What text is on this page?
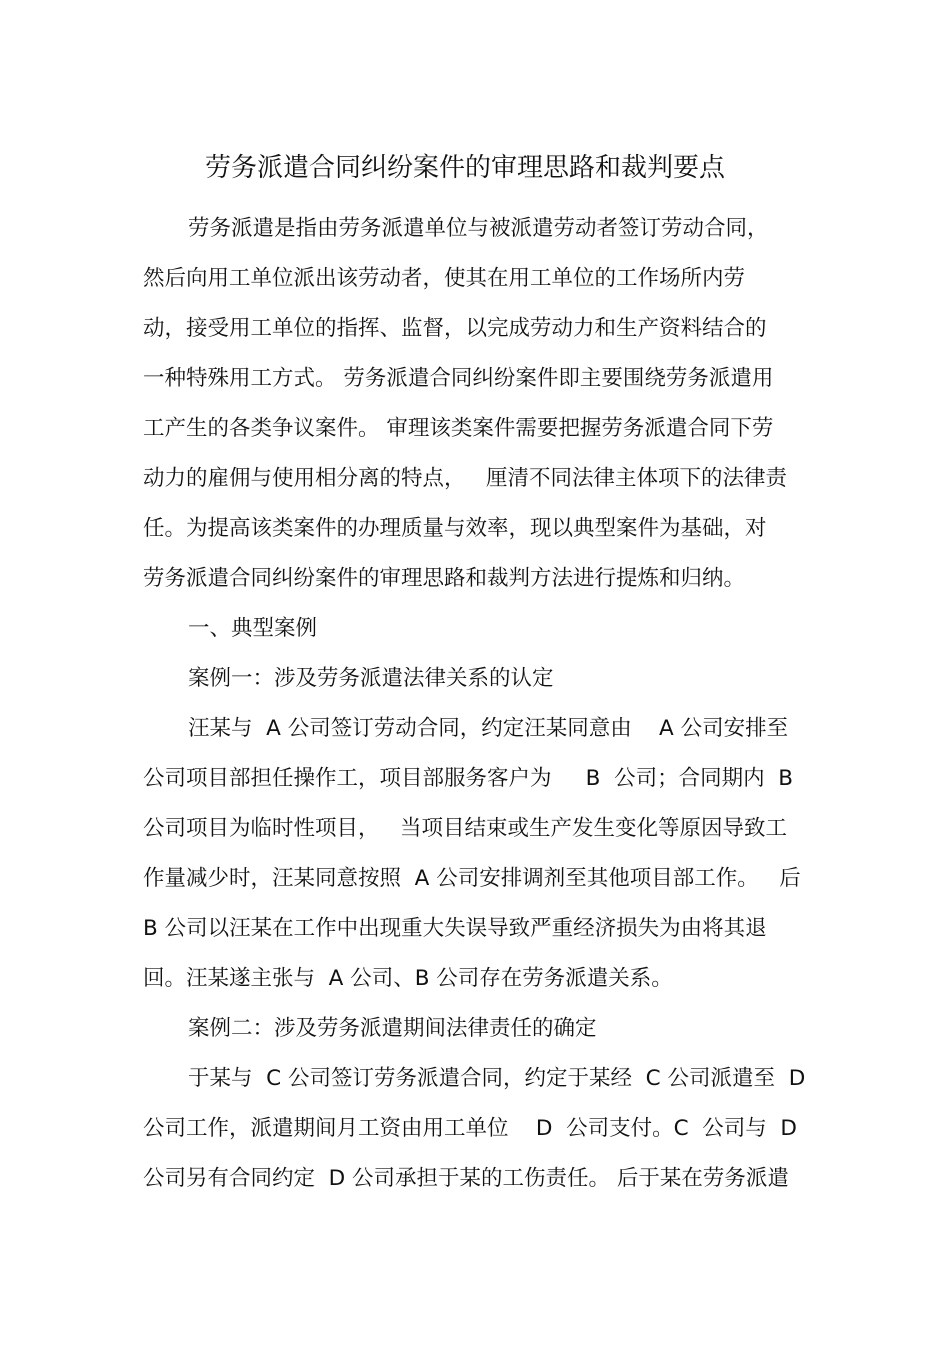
劳务派遣合同纠纷案件的审理思路和裁判要点
劳务派遣是指由劳务派遣单位与被派遣劳动者签订劳动合同，
然后向用工单位派出该劳动者，使其在用工单位的工作场所内劳
动，接受用工单位的指挥、监督，以完成劳动力和生产资料结合的
一种特殊用工方式。 劳务派遣合同纠纷案件即主要围绕劳务派遣用
工产生的各类争议案件。 审理该类案件需要把握劳务派遣合同下劳
动力的雇佣与使用相分离的特点，   厘清不同法律主体项下的法律责
任。为提高该类案件的办理质量与效率，现以典型案件为基础，对
劳务派遣合同纠纷案件的审理思路和裁判方法进行提炼和归纳。
一、典型案例
案例一：涉及劳务派遣法律关系的认定
汪某与  A 公司签订劳动合同，约定汪某同意由    A 公司安排至
公司项目部担任操作工，项目部服务客户为     B  公司；合同期内  B
公司项目为临时性项目，   当项目结束或生产发生变化等原因导致工
作量减少时，汪某同意按照  A 公司安排调剂至其他项目部工作。   后
B 公司以汪某在工作中出现重大失误导致严重经济损失为由将其退
回。汪某遂主张与  A 公司、B 公司存在劳务派遣关系。
案例二：涉及劳务派遣期间法律责任的确定
于某与  C 公司签订劳务派遣合同，约定于某经  C 公司派遣至  D
公司工作，派遣期间月工资由用工单位    D  公司支付。C  公司与  D
公司另有合同约定  D 公司承担于某的工伤责任。 后于某在劳务派遣
